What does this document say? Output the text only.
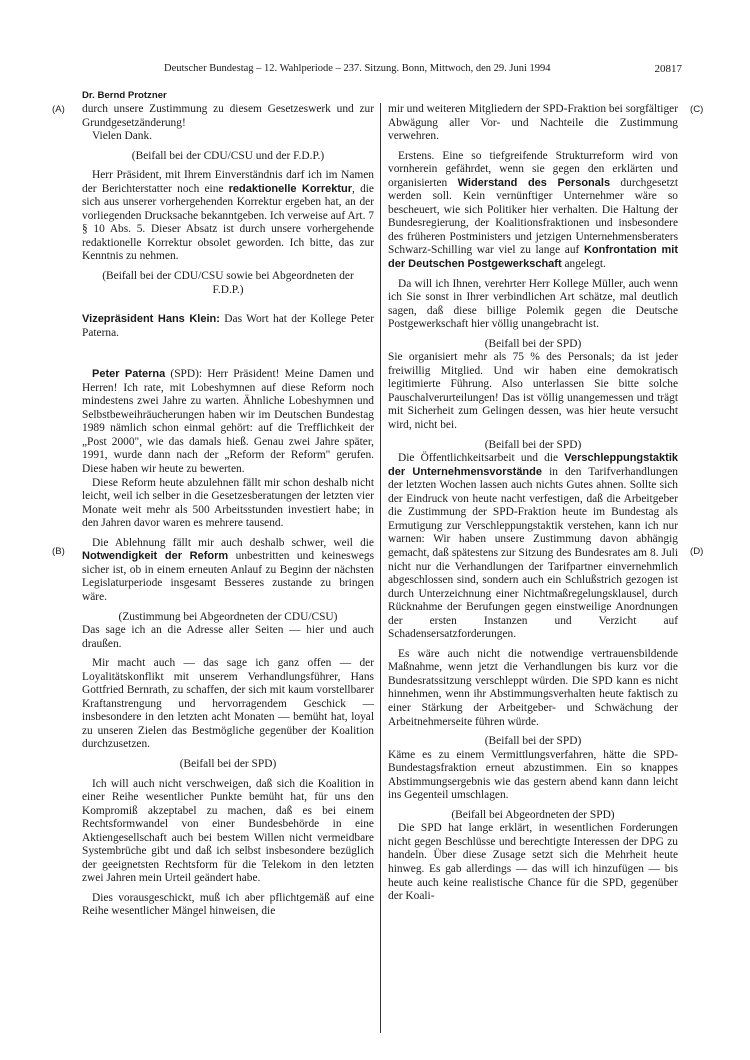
Deutscher Bundestag – 12. Wahlperiode – 237. Sitzung. Bonn, Mittwoch, den 29. Juni 1994	20817
Dr. Bernd Protzner
(A)
(B)
(C)
(D)

durch unsere Zustimmung zu diesem Gesetzeswerk und zur Grundgesetzänderung!

Vielen Dank.

(Beifall bei der CDU/CSU und der F.D.P.)

Herr Präsident, mit Ihrem Einverständnis darf ich im Namen der Berichterstatter noch eine redaktionelle Korrektur, die sich aus unserer vorhergehenden Korrektur ergeben hat, an der vorliegenden Drucksache bekanntgeben. Ich verweise auf Art. 7 § 10 Abs. 5. Dieser Absatz ist durch unsere vorhergehende redaktionelle Korrektur obsolet geworden. Ich bitte, das zur Kenntnis zu nehmen.

(Beifall bei der CDU/CSU sowie bei Abgeordneten der F.D.P.)

Vizepräsident Hans Klein: Das Wort hat der Kollege Peter Paterna.

Peter Paterna (SPD): Herr Präsident! Meine Damen und Herren! Ich rate, mit Lobeshymnen auf diese Reform noch mindestens zwei Jahre zu warten. Ähnliche Lobeshymnen und Selbstbeweihräucherungen haben wir im Deutschen Bundestag 1989 nämlich schon einmal gehört: auf die Trefflichkeit der „Post 2000", wie das damals hieß. Genau zwei Jahre später, 1991, wurde dann nach der „Reform der Reform" gerufen. Diese haben wir heute zu bewerten.

Diese Reform heute abzulehnen fällt mir schon deshalb nicht leicht, weil ich selber in die Gesetzesberatungen der letzten vier Monate weit mehr als 500 Arbeitsstunden investiert habe; in den Jahren davor waren es mehrere tausend.

Die Ablehnung fällt mir auch deshalb schwer, weil die Notwendigkeit der Reform unbestritten und keineswegs sicher ist, ob in einem erneuten Anlauf zu Beginn der nächsten Legislaturperiode insgesamt Besseres zustande zu bringen wäre.

(Zustimmung bei Abgeordneten der CDU/CSU)

Das sage ich an die Adresse aller Seiten — hier und auch draußen.

Mir macht auch — das sage ich ganz offen — der Loyalitätskonflikt mit unserem Verhandlungsführer, Hans Gottfried Bernrath, zu schaffen, der sich mit kaum vorstellbarer Kraftanstrengung und hervorragendem Geschick — insbesondere in den letzten acht Monaten — bemüht hat, loyal zu unseren Zielen das Bestmögliche gegenüber der Koalition durchzusetzen.

(Beifall bei der SPD)

Ich will auch nicht verschweigen, daß sich die Koalition in einer Reihe wesentlicher Punkte bemüht hat, für uns den Kompromiß akzeptabel zu machen, daß es bei einem Rechtsformwandel von einer Bundesbehörde in eine Aktiengesellschaft auch bei bestem Willen nicht vermeidbare Systembrüche gibt und daß ich selbst insbesondere bezüglich der geeignetsten Rechtsform für die Telekom in den letzten zwei Jahren mein Urteil geändert habe.

Dies vorausgeschickt, muß ich aber pflichtgemäß auf eine Reihe wesentlicher Mängel hinweisen, die

mir und weiteren Mitgliedern der SPD-Fraktion bei sorgfältiger Abwägung aller Vor- und Nachteile die Zustimmung verwehren.

Erstens. Eine so tiefgreifende Strukturreform wird von vornherein gefährdet, wenn sie gegen den erklärten und organisierten Widerstand des Personals durchgesetzt werden soll. Kein vernünftiger Unternehmer wäre so bescheuert, wie sich Politiker hier verhalten. Die Haltung der Bundesregierung, der Koalitionsfraktionen und insbesondere des früheren Postministers und jetzigen Unternehmensberaters Schwarz-Schilling war viel zu lange auf Konfrontation mit der Deutschen Postgewerkschaft angelegt.

Da will ich Ihnen, verehrter Herr Kollege Müller, auch wenn ich Sie sonst in Ihrer verbindlichen Art schätze, mal deutlich sagen, daß diese billige Polemik gegen die Deutsche Postgewerkschaft hier völlig unangebracht ist.

(Beifall bei der SPD)

Sie organisiert mehr als 75 % des Personals; da ist jeder freiwillig Mitglied. Und wir haben eine demokratisch legitimierte Führung. Also unterlassen Sie bitte solche Pauschalverurteilungen! Das ist völlig unangemessen und trägt mit Sicherheit zum Gelingen dessen, was hier heute versucht wird, nicht bei.

(Beifall bei der SPD)

Die Öffentlichkeitsarbeit und die Verschleppungstaktik der Unternehmensvorstände in den Tarifverhandlungen der letzten Wochen lassen auch nichts Gutes ahnen. Sollte sich der Eindruck von heute nacht verfestigen, daß die Arbeitgeber die Zustimmung der SPD-Fraktion heute im Bundestag als Ermutigung zur Verschleppungstaktik verstehen, kann ich nur warnen: Wir haben unsere Zustimmung davon abhängig gemacht, daß spätestens zur Sitzung des Bundesrates am 8. Juli nicht nur die Verhandlungen der Tarifpartner einvernehmlich abgeschlossen sind, sondern auch ein Schlußstrich gezogen ist durch Unterzeichnung einer Nichtmaßregelungsklausel, durch Rücknahme der Berufungen gegen einstweilige Anordnungen der ersten Instanzen und Verzicht auf Schadensersatzforderungen.

Es wäre auch nicht die notwendige vertrauensbildende Maßnahme, wenn jetzt die Verhandlungen bis kurz vor die Bundesratssitzung verschleppt würden. Die SPD kann es nicht hinnehmen, wenn ihr Abstimmungsverhalten heute faktisch zu einer Stärkung der Arbeitgeber- und Schwächung der Arbeitnehmerseite führen würde.

(Beifall bei der SPD)

Käme es zu einem Vermittlungsverfahren, hätte die SPD-Bundestagsfraktion erneut abzustimmen. Ein so knappes Abstimmungsergebnis wie das gestern abend kann dann leicht ins Gegenteil umschlagen.

(Beifall bei Abgeordneten der SPD)

Die SPD hat lange erklärt, in wesentlichen Forderungen nicht gegen Beschlüsse und berechtigte Interessen der DPG zu handeln. Über diese Zusage setzt sich die Mehrheit heute hinweg. Es gab allerdings — das will ich hinzufügen — bis heute auch keine realistische Chance für die SPD, gegenüber der Koali-
